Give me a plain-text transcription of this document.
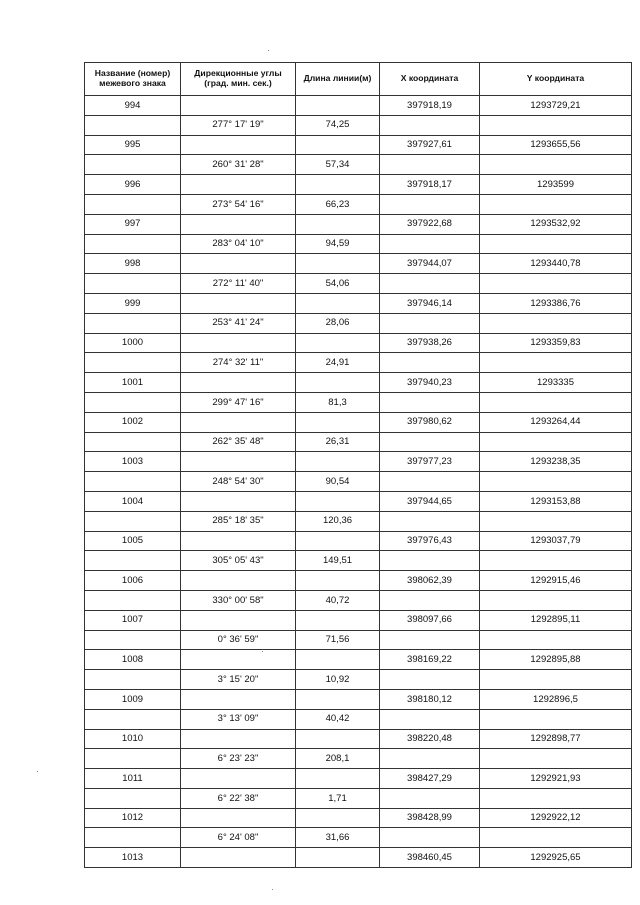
Название (номер) межевого знака	Дирекционные углы (град. мин. сек.)	Длина линии(м)	X координата	Y координата
994			397918,19	1293729,21
	277° 17' 19"	74,25		
995			397927,61	1293655,56
	260° 31' 28"	57,34		
996			397918,17	1293599
	273° 54' 16"	66,23		
997			397922,68	1293532,92
	283° 04' 10"	94,59		
998			397944,07	1293440,78
	272° 11' 40"	54,06		
999			397946,14	1293386,76
	253° 41' 24"	28,06		
1000			397938,26	1293359,83
	274° 32' 11"	24,91		
1001			397940,23	1293335
	299° 47' 16"	81,3		
1002			397980,62	1293264,44
	262° 35' 48"	26,31		
1003			397977,23	1293238,35
	248° 54' 30"	90,54		
1004			397944,65	1293153,88
	285° 18' 35"	120,36		
1005			397976,43	1293037,79
	305° 05' 43"	149,51		
1006			398062,39	1292915,46
	330° 00' 58"	40,72		
1007			398097,66	1292895,11
	0° 36' 59"	71,56		
1008			398169,22	1292895,88
	3° 15' 20"	10,92		
1009			398180,12	1292896,5
	3° 13' 09"	40,42		
1010			398220,48	1292898,77
	6° 23' 23"	208,1		
1011			398427,29	1292921,93
	6° 22' 38"	1,71		
1012			398428,99	1292922,12
	6° 24' 08"	31,66		
1013			398460,45	1292925,65
